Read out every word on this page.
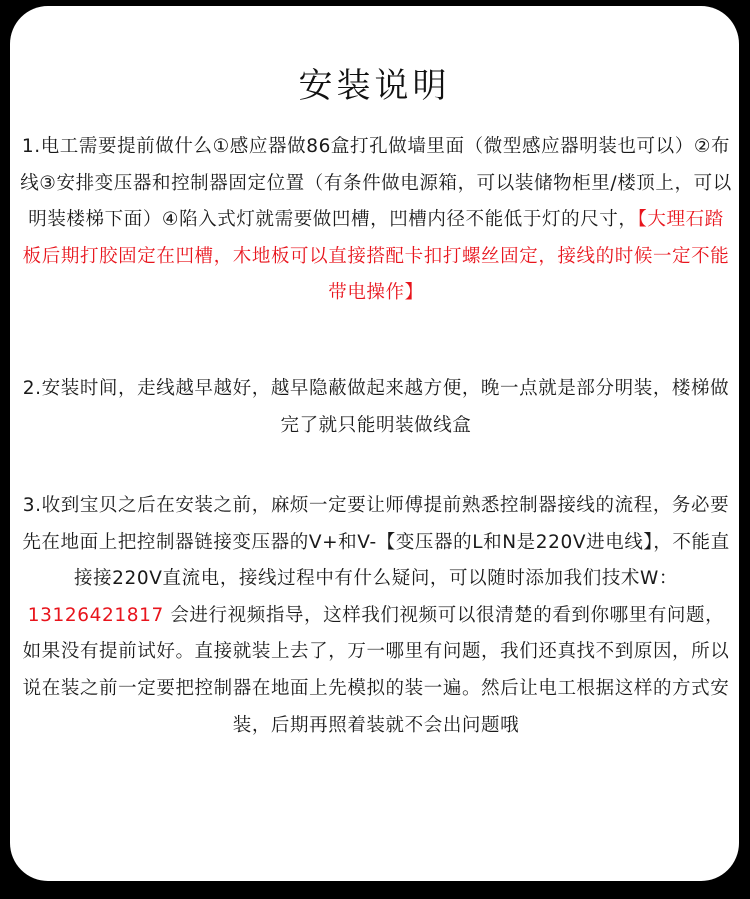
安装说明

1.电工需要提前做什么①感应器做86盒打孔做墙里面（微型感应器明装也可以）②布线③安排变压器和控制器固定位置（有条件做电源箱，可以装储物柜里/楼顶上，可以明装楼梯下面）④陷入式灯就需要做凹槽，凹槽内径不能低于灯的尺寸，【大理石踏板后期打胶固定在凹槽，木地板可以直接搭配卡扣打螺丝固定，接线的时候一定不能带电操作】

2.安装时间，走线越早越好，越早隐蔽做起来越方便，晚一点就是部分明装，楼梯做完了就只能明装做线盒

3.收到宝贝之后在安装之前，麻烦一定要让师傅提前熟悉控制器接线的流程，务必要先在地面上把控制器链接变压器的V+和V-【变压器的L和N是220V进电线】，不能直接接220V直流电，接线过程中有什么疑问，可以随时添加我们技术W：13126421817 会进行视频指导，这样我们视频可以很清楚的看到你哪里有问题，如果没有提前试好。直接就装上去了，万一哪里有问题，我们还真找不到原因，所以说在装之前一定要把控制器在地面上先模拟的装一遍。然后让电工根据这样的方式安装，后期再照着装就不会出问题哦
